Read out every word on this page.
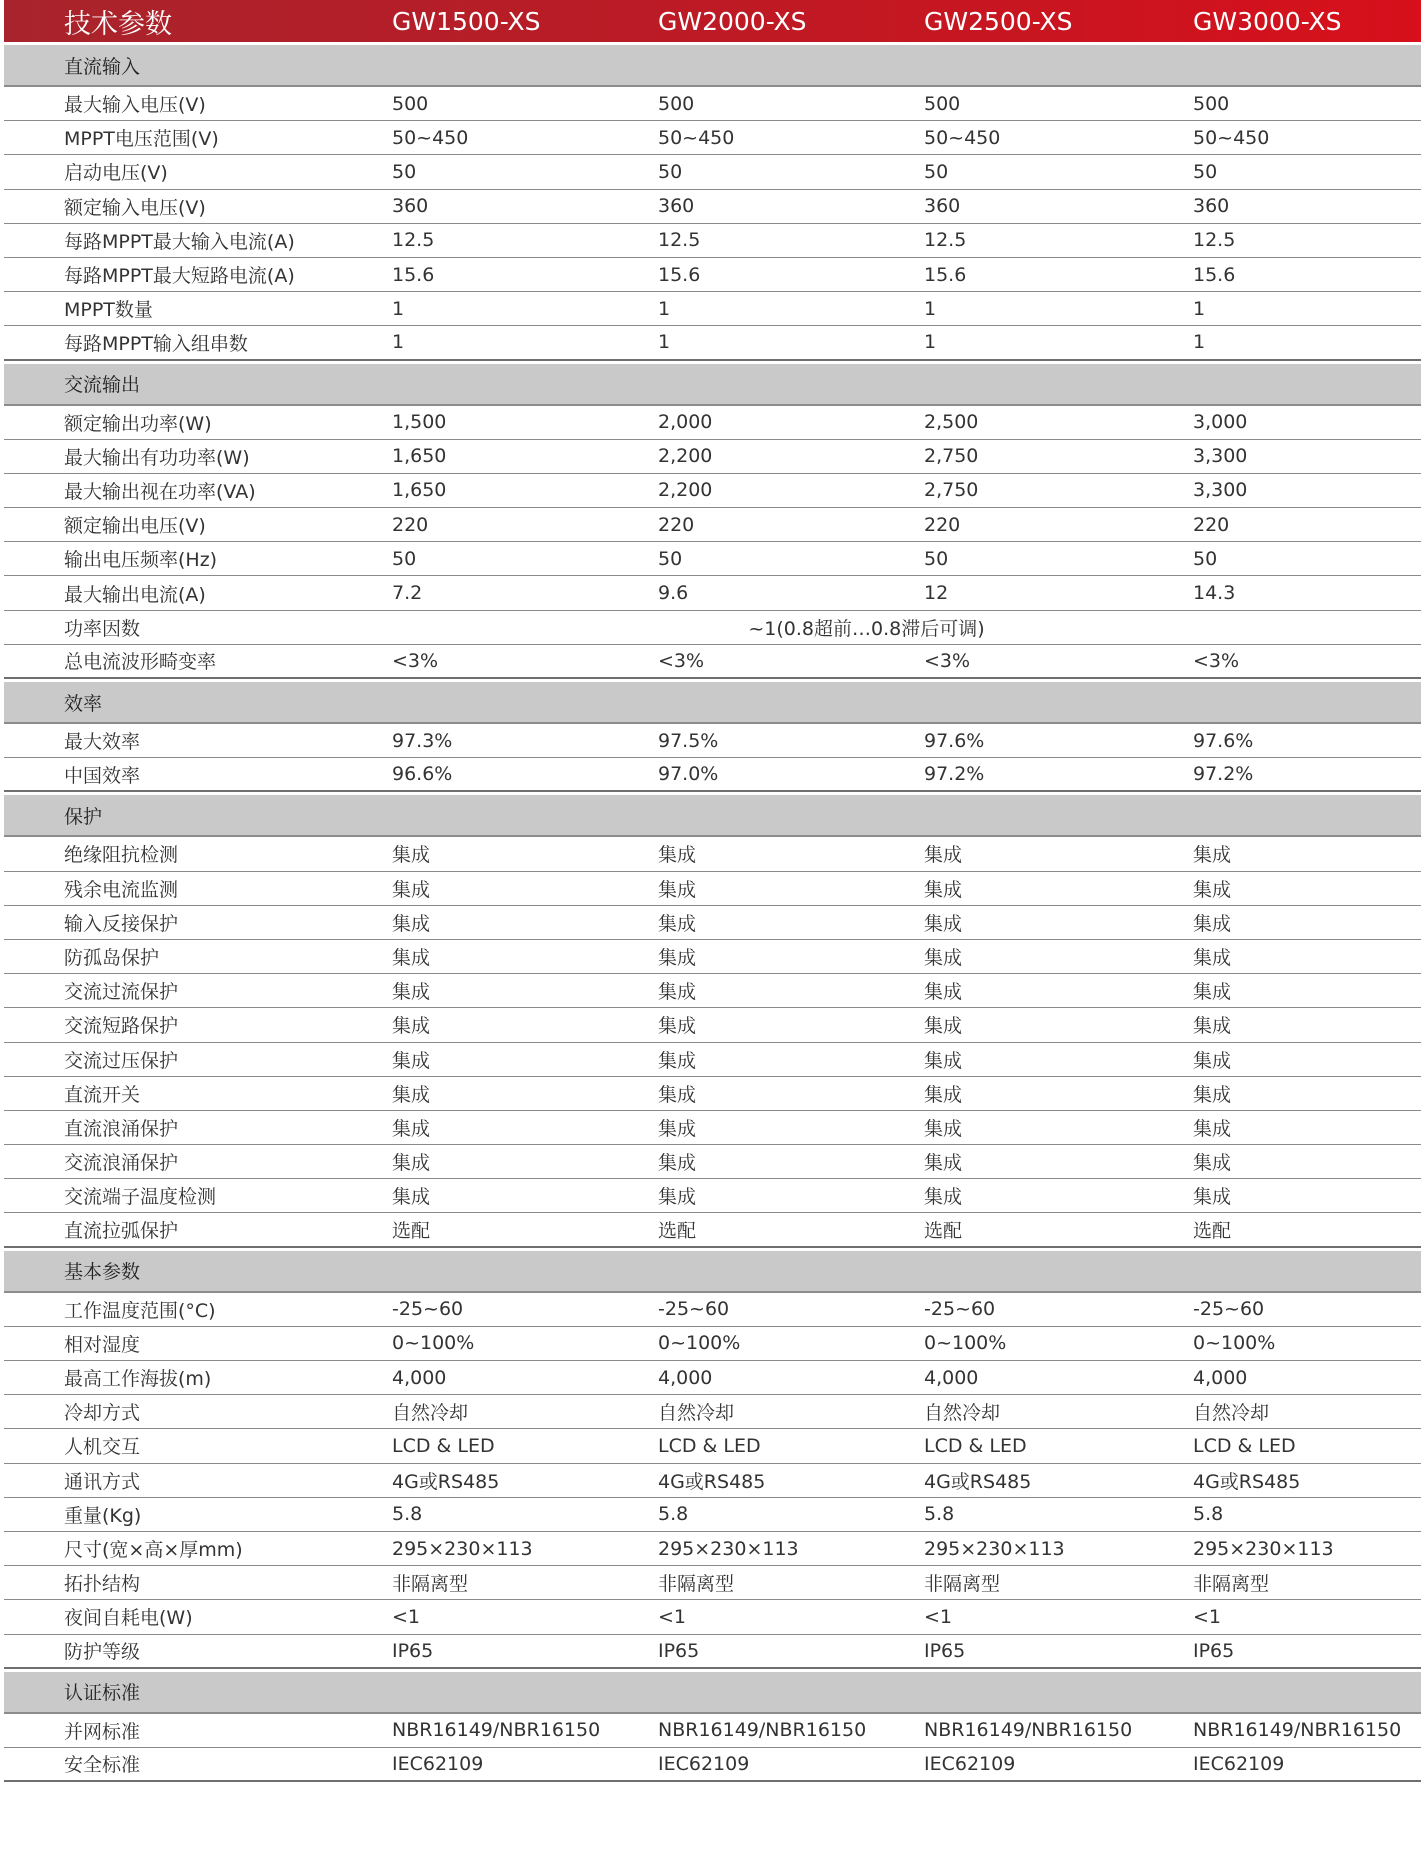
技术参数	GW1500-XS	GW2000-XS	GW2500-XS	GW3000-XS
直流输入
最大输入电压(V)	500	500	500	500
MPPT电压范围(V)	50~450	50~450	50~450	50~450
启动电压(V)	50	50	50	50
额定输入电压(V)	360	360	360	360
每路MPPT最大输入电流(A)	12.5	12.5	12.5	12.5
每路MPPT最大短路电流(A)	15.6	15.6	15.6	15.6
MPPT数量	1	1	1	1
每路MPPT输入组串数	1	1	1	1
交流输出
额定输出功率(W)	1,500	2,000	2,500	3,000
最大输出有功功率(W)	1,650	2,200	2,750	3,300
最大输出视在功率(VA)	1,650	2,200	2,750	3,300
额定输出电压(V)	220	220	220	220
输出电压频率(Hz)	50	50	50	50
最大输出电流(A)	7.2	9.6	12	14.3
功率因数	~1(0.8超前…0.8滞后可调)
总电流波形畸变率	<3%	<3%	<3%	<3%
效率
最大效率	97.3%	97.5%	97.6%	97.6%
中国效率	96.6%	97.0%	97.2%	97.2%
保护
绝缘阻抗检测	集成	集成	集成	集成
残余电流监测	集成	集成	集成	集成
输入反接保护	集成	集成	集成	集成
防孤岛保护	集成	集成	集成	集成
交流过流保护	集成	集成	集成	集成
交流短路保护	集成	集成	集成	集成
交流过压保护	集成	集成	集成	集成
直流开关	集成	集成	集成	集成
直流浪涌保护	集成	集成	集成	集成
交流浪涌保护	集成	集成	集成	集成
交流端子温度检测	集成	集成	集成	集成
直流拉弧保护	选配	选配	选配	选配
基本参数
工作温度范围(°C)	-25~60	-25~60	-25~60	-25~60
相对湿度	0~100%	0~100%	0~100%	0~100%
最高工作海拔(m)	4,000	4,000	4,000	4,000
冷却方式	自然冷却	自然冷却	自然冷却	自然冷却
人机交互	LCD & LED	LCD & LED	LCD & LED	LCD & LED
通讯方式	4G或RS485	4G或RS485	4G或RS485	4G或RS485
重量(Kg)	5.8	5.8	5.8	5.8
尺寸(宽×高×厚mm)	295×230×113	295×230×113	295×230×113	295×230×113
拓扑结构	非隔离型	非隔离型	非隔离型	非隔离型
夜间自耗电(W)	<1	<1	<1	<1
防护等级	IP65	IP65	IP65	IP65
认证标准
并网标准	NBR16149/NBR16150	NBR16149/NBR16150	NBR16149/NBR16150	NBR16149/NBR16150
安全标准	IEC62109	IEC62109	IEC62109	IEC62109
